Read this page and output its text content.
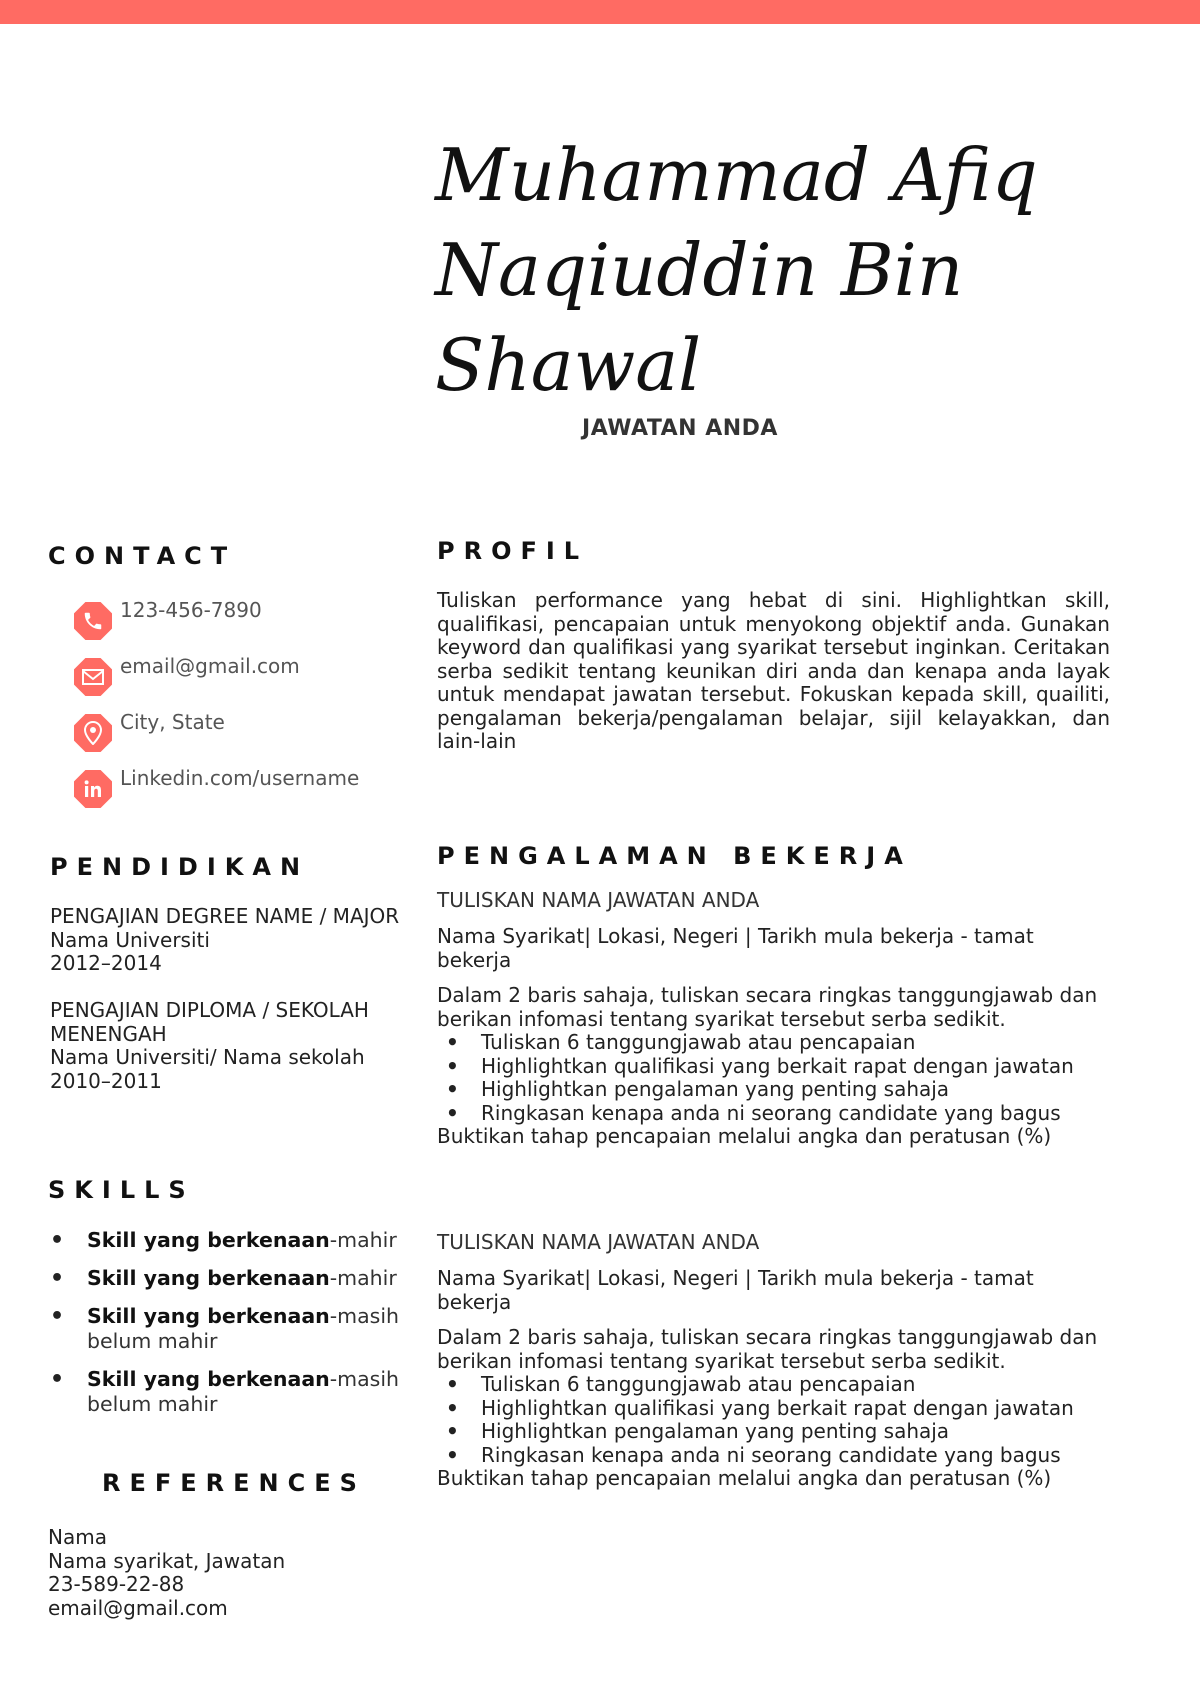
Muhammad Afiq
Naqiuddin Bin
Shawal
JAWATAN ANDA
CONTACT
123-456-7890
email@gmail.com
City, State
Linkedin.com/username
PENDIDIKAN
PENGAJIAN DEGREE NAME / MAJOR
Nama Universiti
2012–2014
PENGAJIAN DIPLOMA / SEKOLAH MENENGAH
Nama Universiti/ Nama sekolah
2010–2011
SKILLS
• Skill yang berkenaan-mahir
• Skill yang berkenaan-mahir
• Skill yang berkenaan-masih belum mahir
• Skill yang berkenaan-masih belum mahir
REFERENCES
Nama
Nama syarikat, Jawatan
23-589-22-88
email@gmail.com
PROFIL
Tuliskan performance yang hebat di sini. Highlightkan skill, qualifikasi, pencapaian untuk menyokong objektif anda. Gunakan keyword dan qualifikasi yang syarikat tersebut inginkan. Ceritakan serba sedikit tentang keunikan diri anda dan kenapa anda layak untuk mendapat jawatan tersebut. Fokuskan kepada skill, quailiti, pengalaman bekerja/pengalaman belajar, sijil kelayakkan, dan lain-lain
PENGALAMAN BEKERJA
TULISKAN NAMA JAWATAN ANDA
Nama Syarikat| Lokasi, Negeri | Tarikh mula bekerja - tamat bekerja
Dalam 2 baris sahaja, tuliskan secara ringkas tanggungjawab dan berikan infomasi tentang syarikat tersebut serba sedikit.
• Tuliskan 6 tanggungjawab atau pencapaian
• Highlightkan qualifikasi yang berkait rapat dengan jawatan
• Highlightkan pengalaman yang penting sahaja
• Ringkasan kenapa anda ni seorang candidate yang bagus
Buktikan tahap pencapaian melalui angka dan peratusan (%)
TULISKAN NAMA JAWATAN ANDA
Nama Syarikat| Lokasi, Negeri | Tarikh mula bekerja - tamat bekerja
Dalam 2 baris sahaja, tuliskan secara ringkas tanggungjawab dan berikan infomasi tentang syarikat tersebut serba sedikit.
• Tuliskan 6 tanggungjawab atau pencapaian
• Highlightkan qualifikasi yang berkait rapat dengan jawatan
• Highlightkan pengalaman yang penting sahaja
• Ringkasan kenapa anda ni seorang candidate yang bagus
Buktikan tahap pencapaian melalui angka dan peratusan (%)
